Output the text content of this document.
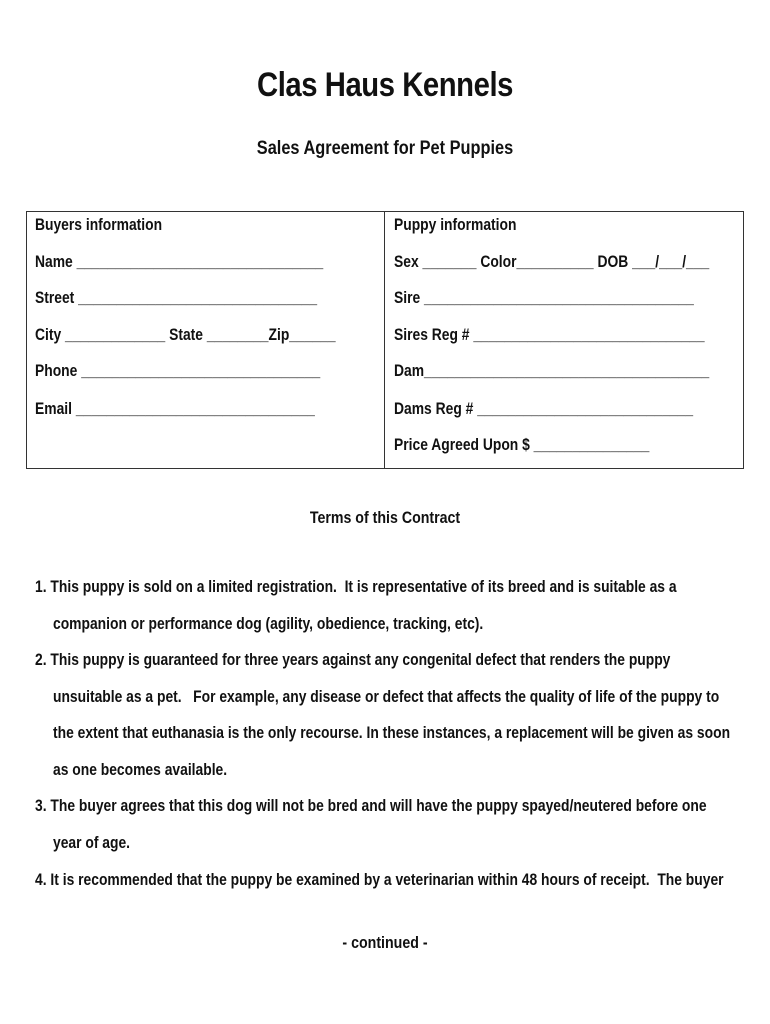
Clas Haus Kennels
Sales Agreement for Pet Puppies
Buyers information
Name ________________________________
Street _______________________________
City _____________ State ________Zip______
Phone _______________________________
Email _______________________________
Puppy information
Sex _______ Color__________ DOB ___/___/___
Sire ___________________________________
Sires Reg # ______________________________
Dam_____________________________________
Dams Reg # ____________________________
Price Agreed Upon $ _______________
Terms of this Contract
1. This puppy is sold on a limited registration.  It is representative of its breed and is suitable as a
companion or performance dog (agility, obedience, tracking, etc).
2. This puppy is guaranteed for three years against any congenital defect that renders the puppy
unsuitable as a pet.   For example, any disease or defect that affects the quality of life of the puppy to
the extent that euthanasia is the only recourse. In these instances, a replacement will be given as soon
as one becomes available.
3. The buyer agrees that this dog will not be bred and will have the puppy spayed/neutered before one
year of age.
4. It is recommended that the puppy be examined by a veterinarian within 48 hours of receipt.  The buyer
- continued -
